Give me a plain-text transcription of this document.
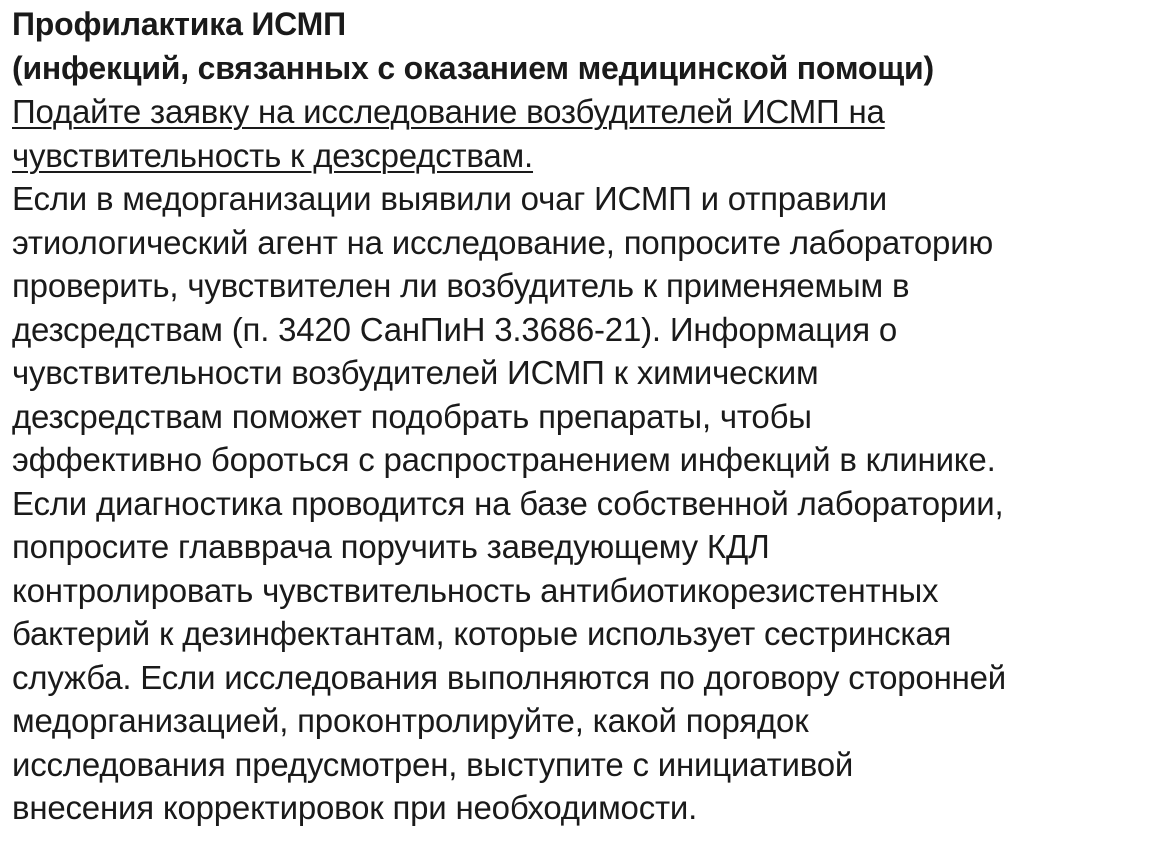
Профилактика ИСМП
(инфекций, связанных с оказанием медицинской помощи)
Подайте заявку на исследование возбудителей ИСМП на
чувствительность к дезсредствам.
Если в медорганизации выявили очаг ИСМП и отправили
этиологический агент на исследование, попросите лабораторию
проверить, чувствителен ли возбудитель к применяемым в
дезсредствам (п. 3420 СанПиН 3.3686-21). Информация о
чувствительности возбудителей ИСМП к химическим
дезсредствам поможет подобрать препараты, чтобы
эффективно бороться с распространением инфекций в клинике.
Если диагностика проводится на базе собственной лаборатории,
попросите главврача поручить заведующему КДЛ
контролировать чувствительность антибиотикорезистентных
бактерий к дезинфектантам, которые использует сестринская
служба. Если исследования выполняются по договору сторонней
медорганизацией, проконтролируйте, какой порядок
исследования предусмотрен, выступите с инициативой
внесения корректировок при необходимости.
